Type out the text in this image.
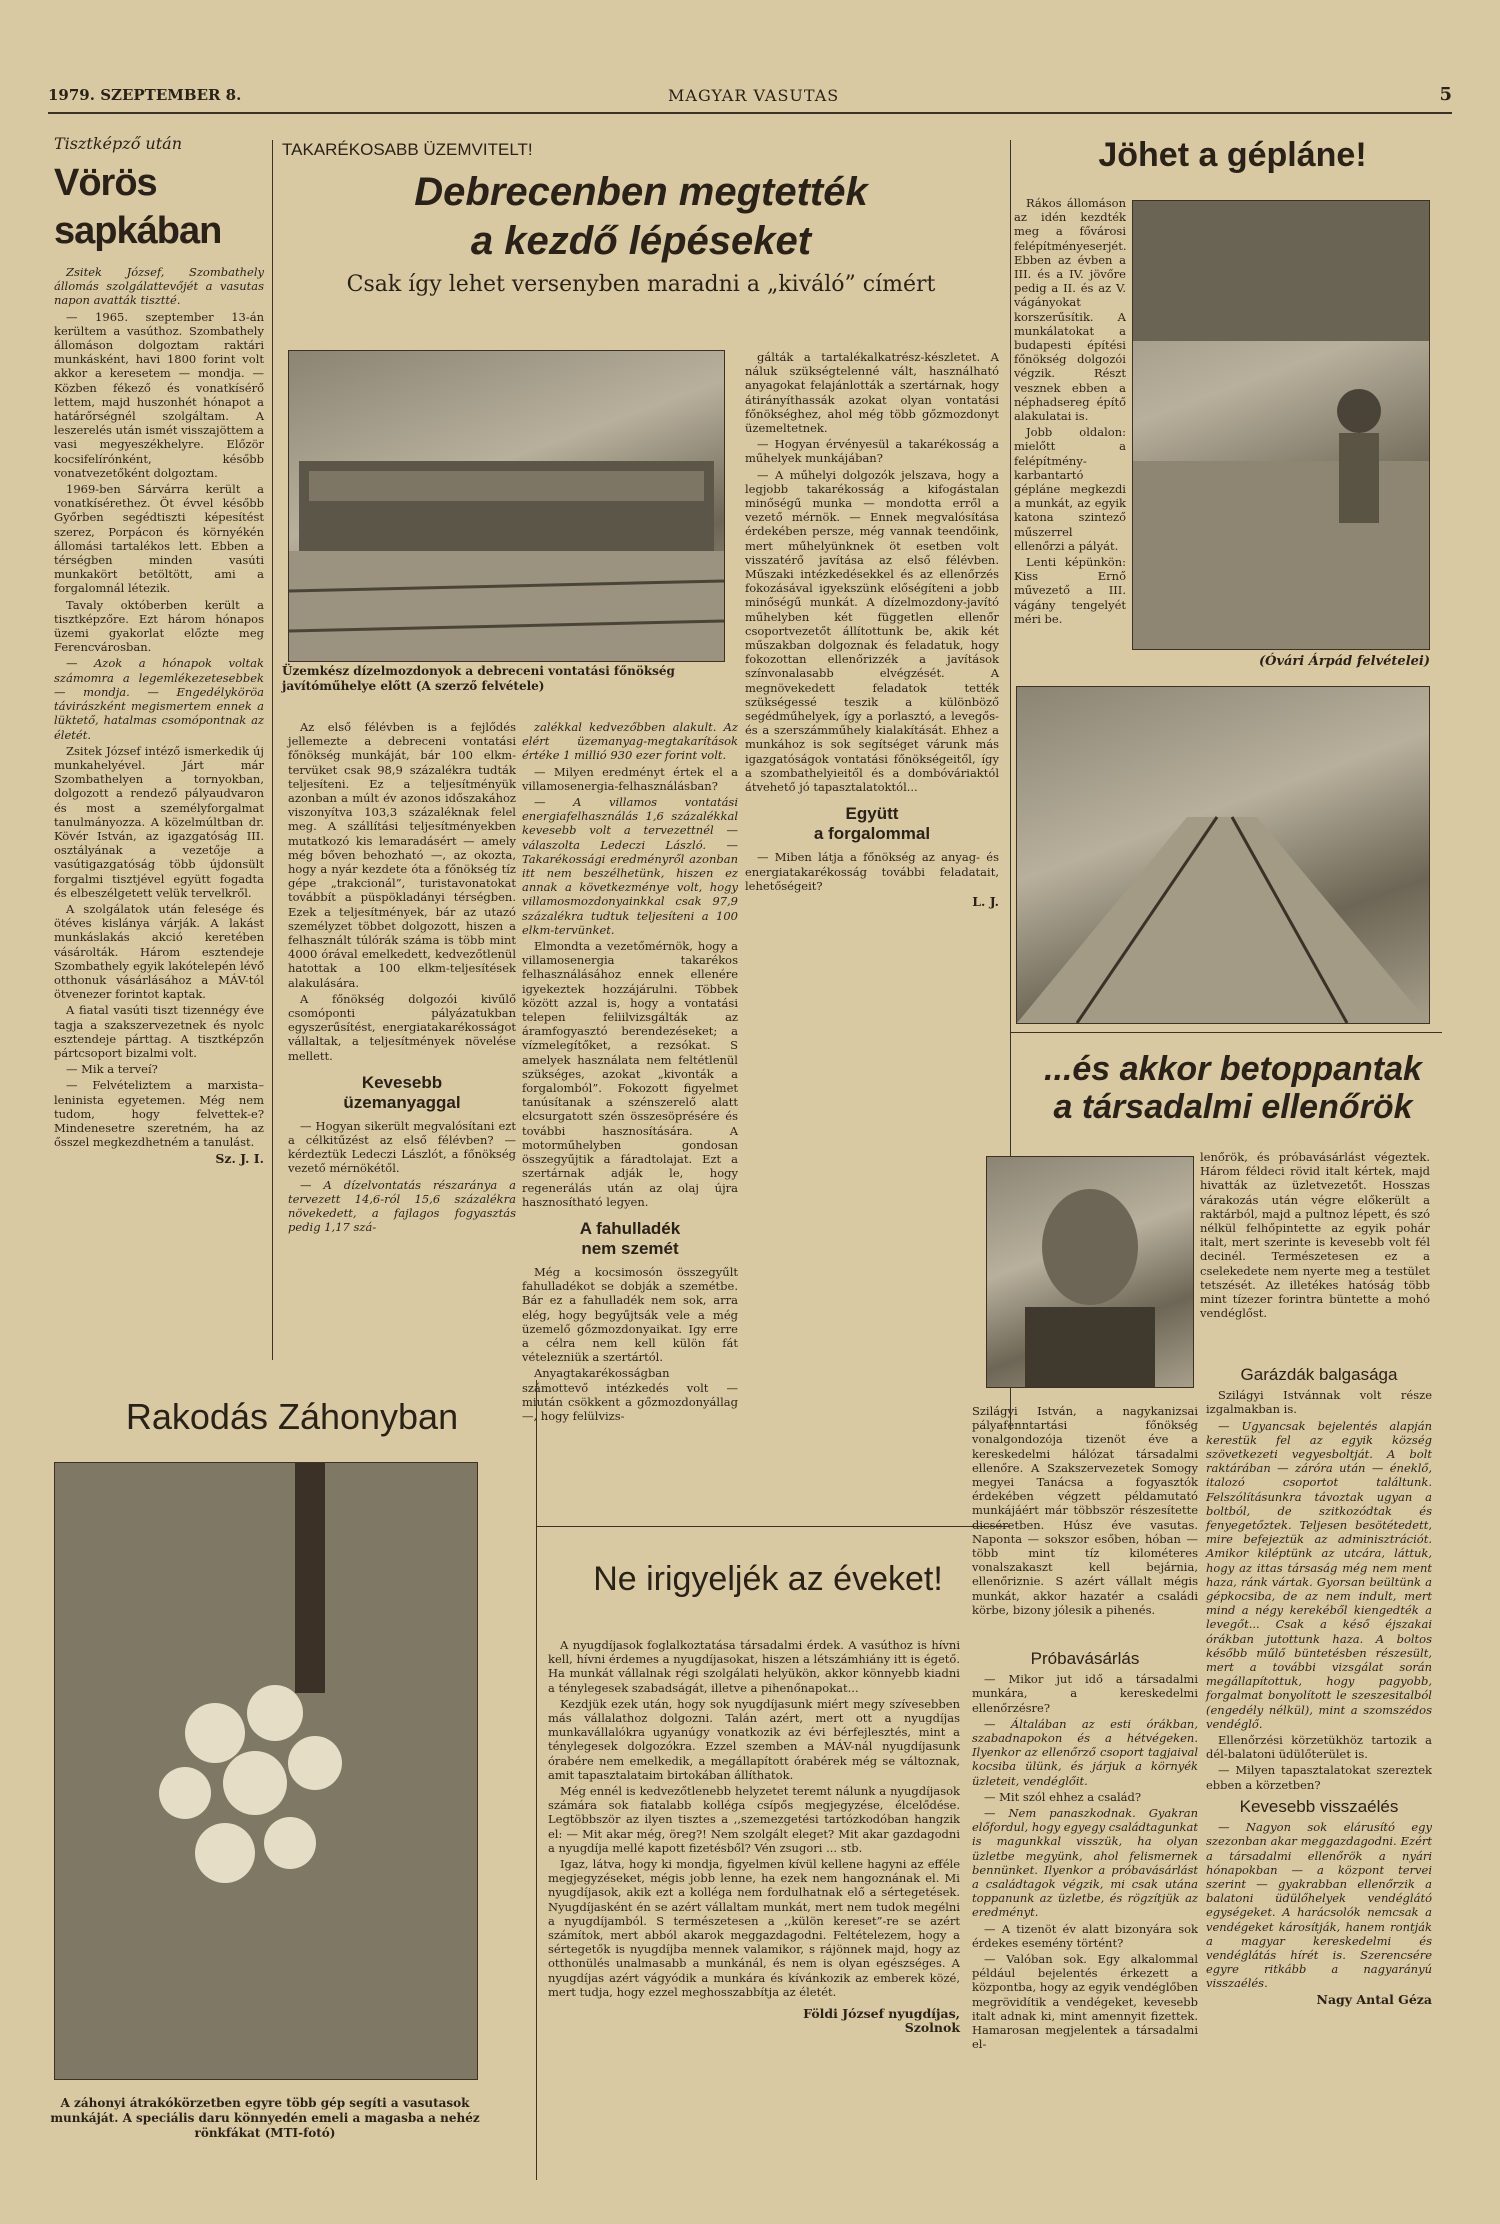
1979. SZEPTEMBER 8.	MAGYAR VASUTAS	5
Tisztképző után
Vörös sapkában

Zsitek József, Szombathely állomás szolgálattevőjét a vasutas napon avatták tisztté.

— 1965. szeptember 13-án kerültem a vasúthoz. Szombathely állomáson dolgoztam raktári munkásként, havi 1800 forint volt akkor a keresetem — mondja. — Közben fékező és vonatkísérő lettem, majd huszonhét hónapot a határőrségnél szolgáltam. A leszerelés után ismét visszajöttem a vasi megyeszékhelyre. Előzör kocsifelírónként, később vonatvezetőként dolgoztam.

1969-ben Sárvárra került a vonatkísérethez. Öt évvel később Győrben segédtiszti képesítést szerez, Porpácon és környékén állomási tartalékos lett. Ebben a térségben minden vasúti munkakört betöltött, ami a forgalomnál létezik.

Tavaly októberben került a tisztképzőre. Ezt három hónapos üzemi gyakorlat előzte meg Ferencvárosban.

— Azok a hónapok voltak számomra a legemlékezetesebbek — mondja. — Engedélyköröa távirászként megismertem ennek a lüktető, hatalmas csomópontnak az életét.

Zsitek József intéző ismerkedik új munkahelyével. Járt már Szombathelyen a tornyokban, dolgozott a rendező pályaudvaron és most a személyforgalmat tanulmányozza. A közelmúltban dr. Kövér István, az igazgatóság III. osztályának a vezetője a vasútigazgatóság több újdonsült forgalmi tisztjével együtt fogadta és elbeszélgetett velük tervelkről.

A szolgálatok után felesége és ötéves kislánya várják. A lakást munkáslakás akció keretében vásárolták. Három esztendeje Szombathely egyik lakótelepén lévő otthonuk vásárlásához a MÁV-tól ötvenezer forintot kaptak.

A fiatal vasúti tiszt tizennégy éve tagja a szakszervezetnek és nyolc esztendeje párttag. A tisztképzőn pártcsoport bizalmi volt.

— Mik a terveí?

— Felvételiztem a marxista–leninista egyetemen. Még nem tudom, hogy felvettek-e? Mindenesetre szeretném, ha az ősszel megkezdhetném a tanulást.

Sz. J. I.
TAKARÉKOSABB ÜZEMVITELT!
Debrecenben megtették
a kezdő lépéseket
Csak így lehet versenyben maradni a „kiváló” címért
Üzemkész dízelmozdonyok a debreceni vontatási főnökség javítóműhelye előtt (A szerző felvétele)

Az első félévben is a fejlődés jellemezte a debreceni vontatási főnökség munkáját, bár 100 elkm-tervüket csak 98,9 százalékra tudták teljesíteni. Ez a teljesítményük azonban a múlt év azonos időszakához viszonyítva 103,3 százaléknak felel meg. A szállítási teljesítményekben mutatkozó kis lemaradásért — amely még bőven behozható —, az okozta, hogy a nyár kezdete óta a főnökség tíz gépe „trakcionál”, turistavonatokat továbbít a püspökladányi térségben. Ezek a teljesítmények, bár az utazó személyzet többet dolgozott, hiszen a felhasznált túlórák száma is több mint 4000 órával emelkedett, kedvezőtlenül hatottak a 100 elkm-teljesítések alakulására.

A főnökség dolgozói kivűlő csomóponti pályázatukban egyszerűsítést, energiatakarékosságot vállaltak, a teljesítmények növelése mellett.

Kevesebb
üzemanyaggal

— Hogyan sikerült megvalósítani ezt a célkitűzést az első félévben? — kérdeztük Ledeczi Lászlót, a főnökség vezető mérnökétől.

— A dízelvontatás részaránya a tervezett 14,6-ról 15,6 százalékra növekedett, a fajlagos fogyasztás pedig 1,17 szá-

zalékkal kedvezőbben alakult. Az elért üzemanyag-megtakarítások értéke 1 millió 930 ezer forint volt.

— Milyen eredményt értek el a villamosenergia-felhasználásban?

— A villamos vontatási energiafelhasználás 1,6 százalékkal kevesebb volt a tervezettnél — válaszolta Ledeczi László. — Takarékossági eredményről azonban itt nem beszélhetünk, hiszen ez annak a következménye volt, hogy villamosmozdonyainkkal csak 97,9 százalékra tudtuk teljesíteni a 100 elkm-tervünket.

Elmondta a vezetőmérnök, hogy a villamosenergia takarékos felhasználásához ennek ellenére igyekeztek hozzájárulni. Többek között azzal is, hogy a vontatási telepen feliilvizsgálták az áramfogyasztó berendezéseket; a vízmelegítőket, a rezsókat. S amelyek használata nem feltétlenül szükséges, azokat „kivonták a forgalomból”. Fokozott figyelmet tanúsítanak a szénszerelő alatt elcsurgatott szén összesöprésére és további hasznosítására. A motorműhelyben gondosan összegyűjtik a fáradtolajat. Ezt a szertárnak adják le, hogy regenerálás után az olaj újra hasznosítható legyen.

A fahulladék
nem szemét

Még a kocsimosón összegyűlt fahulladékot se dobják a szemétbe. Bár ez a fahulladék nem sok, arra elég, hogy begyűjtsák vele a még üzemelő gőzmozdonyaikat. Igy erre a célra nem kell külön fát vételezniük a szertártól.

Anyagtakarékosságban számottevő intézkedés volt — miután csökkent a gőzmozdonyállag —, hogy felülvizs-

gálták a tartalékalkatrész-készletet. A náluk szükségtelenné vált, használható anyagokat felajánlották a szertárnak, hogy átirányíthassák azokat olyan vontatási főnökséghez, ahol még több gőzmozdonyt üzemeltetnek.

— Hogyan érvényesül a takarékosság a műhelyek munkájában?

— A műhelyi dolgozók jelszava, hogy a legjobb takarékosság a kifogástalan minőségű munka — mondotta erről a vezető mérnök. — Ennek megvalósítása érdekében persze, még vannak teendőink, mert műhelyünknek öt esetben volt visszatérő javítása az első félévben. Műszaki intézkedésekkel és az ellenőrzés fokozásával igyekszünk előségíteni a jobb minőségű munkát. A dízelmozdony-javító műhelyben két független ellenőr csoportvezetőt állítottunk be, akik két műszakban dolgoznak és feladatuk, hogy fokozottan ellenőrizzék a javítások színvonalasabb elvégzését. A megnövekedett feladatok tették szükségessé teszik a különböző segédműhelyek, így a porlasztó, a levegős- és a szerszámműhely kialakítását. Ehhez a munkához is sok segítséget várunk más igazgatóságok vontatási főnökségeitől, így a szombathelyieitől és a dombóváriaktól átvehető jó tapasztalatoktól...

Együtt
a forgalommal

— Miben látja a főnökség az anyag- és energiatakarékosság további feladatait, lehetőségeit?

L. J.
Jöhet a gépláne!

Rákos állomáson az idén kezdték meg a fővárosi felépítményeserjét. Ebben az évben a III. és a IV. jövőre pedig a II. és az V. vágányokat korszerűsítik. A munkálatokat a budapesti építési főnökség dolgozói végzik. Részt vesznek ebben a néphadsereg építő alakulatai is.

Jobb oldalon: mielőtt a felépítmény-karbantartó gépláne megkezdi a munkát, az egyik katona szintező műszerrel ellenőrzi a pályát.

Lenti képünkön: Kiss Ernő művezető a III. vágány tengelyét méri be.

(Óvári Árpád felvételei)
...és akkor betoppantak
a társadalmi ellenőrök
lenőrök, és próbavásárlást végeztek. Három féldeci rövid italt kértek, majd hivatták az üzletvezetőt. Hosszas várakozás után végre előkerült a raktárból, majd a pultnoz lépett, és szó nélkül felhőpintette az egyik pohár italt, mert szerinte is kevesebb volt fél decinél. Természetesen ez a cselekedete nem nyerte meg a testület tetszését. Az illetékes hatóság több mint tízezer forintra büntette a mohó vendéglőst.
Szilágyi István, a nagykanizsai pályafenntartási főnökség vonalgondozója tizenöt éve a kereskedelmi hálózat társadalmi ellenőre. A Szakszervezetek Somogy megyei Tanácsa a fogyasztók érdekében végzett példamutató munkájáért már többször részesítette dicséretben. Húsz éve vasutas. Naponta — sokszor esőben, hóban — több mint tíz kilométeres vonalszakaszt kell bejárnia, ellenőriznie. S azért vállalt mégis munkát, akkor hazatér a családi körbe, bizony jólesik a pihenés.
Próbavásárlás

— Mikor jut idő a társadalmi munkára, a kereskedelmi ellenőrzésre?

— Általában az esti órákban, szabadnapokon és a hétvégeken. Ilyenkor az ellenőrző csoport tagjaival kocsiba ülünk, és járjuk a környék üzleteit, vendéglőit.

— Mit szól ehhez a család?

— Nem panaszkodnak. Gyakran előfordul, hogy egyegy családtagunkat is magunkkal visszük, ha olyan üzletbe megyünk, ahol felismernek bennünket. Ilyenkor a próbavásárlást a családtagok végzik, mi csak utána toppanunk az üzletbe, és rögzítjük az eredményt.

— A tizenöt év alatt bizonyára sok érdekes esemény történt?

— Valóban sok. Egy alkalommal például bejelentés érkezett a központba, hogy az egyik vendéglőben megrövidítik a vendégeket, kevesebb italt adnak ki, mint amennyit fizettek. Hamarosan megjelentek a társadalmi el-

Garázdák balgasága

Szilágyi Istvánnak volt része izgalmakban is.

— Ugyancsak bejelentés alapján kerestük fel az egyik község szövetkezeti vegyesboltját. A bolt raktárában — záróra után — éneklő, italozó csoportot találtunk. Felszólításunkra távoztak ugyan a boltból, de szitkozódtak és fenyegetőztek. Teljesen besötétedett, mire befejeztük az adminisztrációt. Amikor kiléptünk az utcára, láttuk, hogy az ittas társaság még nem ment haza, ránk vártak. Gyorsan beültünk a gépkocsiba, de az nem indult, mert mind a négy kerekéből kiengedték a levegőt... Csak a késő éjszakai órákban jutottunk haza. A boltos később műlő büntetésben részesült, mert a további vizsgálat során megállapítottuk, hogy pagyobb, forgalmat bonyolított le szeszesitalból (engedély nélkül), mint a szomszédos vendéglő.

Ellenőrzési körzetükhöz tartozik a dél-balatoni üdülőterület is.

— Milyen tapasztalatokat szereztek ebben a körzetben?

Kevesebb visszaélés

— Nagyon sok elárusító egy szezonban akar meggazdagodni. Ezért a társadalmi ellenőrök a nyári hónapokban — a központ tervei szerint — gyakrabban ellenőrzik a balatoni üdülőhelyek vendéglátó egységeket. A harácsolók nemcsak a vendégeket károsítják, hanem rontják a magyar kereskedelmi és vendéglátás hírét is. Szerencsére egyre ritkább a nagyarányú visszaélés.

Nagy Antal Géza
Rakodás Záhonyban
A záhonyi átrakókörzetben egyre több gép segíti a vasutasok munkáját. A speciális daru könnyedén emeli a magasba a nehéz rönkfákat (MTI-fotó)
Ne irigyeljék az éveket!

A nyugdíjasok foglalkoztatása társadalmi érdek. A vasúthoz is hívni kell, hívni érdemes a nyugdíjasokat, hiszen a létszámhiány itt is égető. Ha munkát vállalnak régi szolgálati helyükön, akkor könnyebb kiadni a ténylegesek szabadságát, illetve a pihenőnapokat...

Kezdjük ezek után, hogy sok nyugdíjasunk miért megy szívesebben más vállalathoz dolgozni. Talán azért, mert ott a nyugdíjas munkavállalókra ugyanúgy vonatkozik az évi bérfejlesztés, mint a ténylegesek dolgozókra. Ezzel szemben a MÁV-nál nyugdíjasunk órabére nem emelkedik, a megállapított órabérek még se változnak, amit tapasztalataim birtokában állíthatok.

Még ennél is kedvezőtlenebb helyzetet teremt nálunk a nyugdíjasok számára sok fiatalabb kolléga csípős megjegyzése, élcelődése. Legtöbbször az ilyen tisztes a ,,szemezgetési tartózkodóban hangzik el: — Mit akar még, öreg?! Nem szolgált eleget? Mit akar gazdagodni a nyugdíja mellé kapott fizetésből? Vén zsugori ... stb.

Igaz, látva, hogy ki mondja, figyelmen kívül kellene hagyni az efféle megjegyzéseket, mégis jobb lenne, ha ezek nem hangoznának el. Mi nyugdíjasok, akik ezt a kolléga nem fordulhatnak elő a sértegetések. Nyugdíjasként én se azért vállaltam munkát, mert nem tudok megélni a nyugdíjamból. S természetesen a ,,külön kereset”-re se azért számítok, mert abból akarok meggazdagodni. Feltételezem, hogy a sértegetők is nyugdíjba mennek valamikor, s rájönnek majd, hogy az otthonülés unalmasabb a munkánál, és nem is olyan egészséges. A nyugdíjas azért vágyódik a munkára és kívánkozik az emberek közé, mert tudja, hogy ezzel meghosszabbítja az életét.

Földi József nyugdíjas,
Szolnok
